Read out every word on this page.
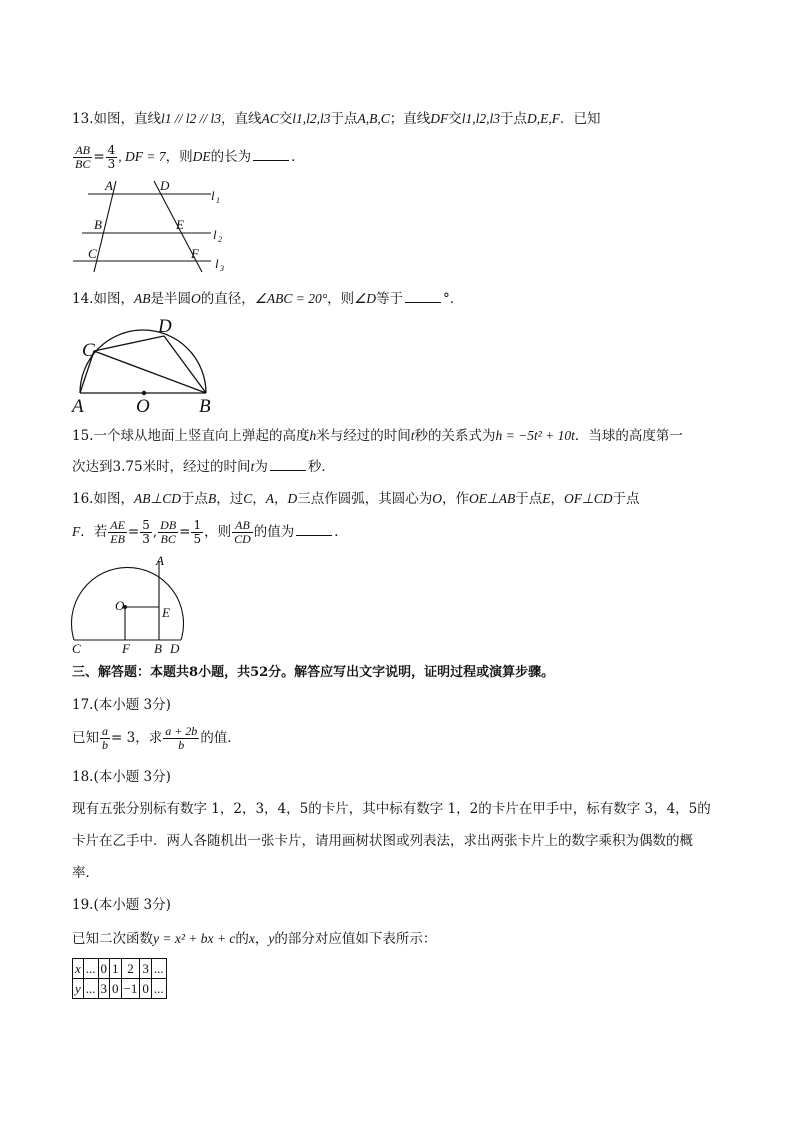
13.如图，直线l1 // l2 // l3，直线AC交l1,l2,l3于点A,B,C；直线DF交l1,l2,l3于点D,E,F．已知
$\frac{AB}{BC} = \frac{4}{3}$ , DF = 7，则DE的长为	．
A	D
l 1
B	E
l 2
C	F
l 3
14.如图，AB是半圆O的直径，∠ABC = 20°，则∠D等于	°．
A	O	B
C
D
15.一个球从地面上竖直向上弹起的高度h米与经过的时间t秒的关系式为h = −5t² + 10t．当球的高度第一
次达到3.75米时，经过的时间t为	秒．
16.如图，AB⊥CD于点B，过C，A，D三点作圆弧，其圆心为O，作OE⊥AB于点E，OF⊥CD于点
F．若 $\frac{AE}{EB} = \frac{5}{3}$ , $\frac{DB}{BC} = \frac{1}{5}$ ，则 $\frac{AB}{CD}$ 的值为	．
A
O	E
C	F B D
三、解答题：本题共8小题，共52分。解答应写出文字说明，证明过程或演算步骤。
17.(本小题 3分)
已知 $\frac{a}{b} = 3$，求 $\frac{a + 2b}{b}$ 的值．
18.(本小题 3分)
现有五张分别标有数字 1，2，3，4，5的卡片，其中标有数字 1，2的卡片在甲手中，标有数字 3，4，5的
卡片在乙手中．两人各随机出一张卡片，请用画树状图或列表法，求出两张卡片上的数字乘积为偶数的概
率．
19.(本小题 3分)
已知二次函数y = x² + bx + c的x，y的部分对应值如下表所示：
x	...	0	1	2	3	...
y	...	3	0	−1	0	...
